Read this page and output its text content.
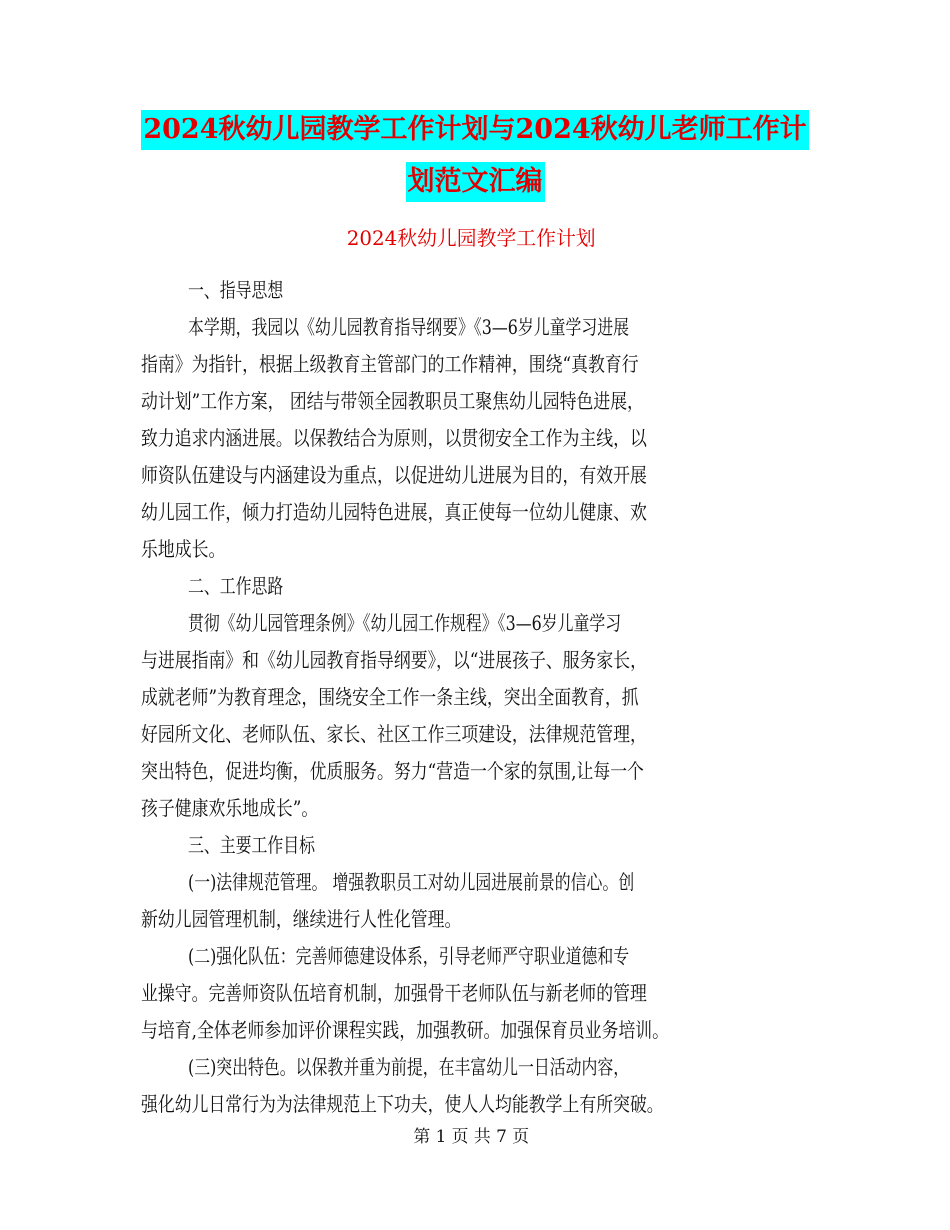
2024秋幼儿园教学工作计划与2024秋幼儿老师工作计
划范文汇编
2024秋幼儿园教学工作计划

一、指导思想

本学期，我园以《幼儿园教育指导纲要》《3—6岁儿童学习进展

指南》为指针，根据上级教育主管部门的工作精神，围绕“真教育行

动计划”工作方案， 团结与带领全园教职员工聚焦幼儿园特色进展，

致力追求内涵进展。以保教结合为原则，以贯彻安全工作为主线，以

师资队伍建设与内涵建设为重点，以促进幼儿进展为目的，有效开展

幼儿园工作，倾力打造幼儿园特色进展，真正使每一位幼儿健康、欢

乐地成长。

二、工作思路

贯彻《幼儿园管理条例》《幼儿园工作规程》《3—6岁儿童学习

与进展指南》和《幼儿园教育指导纲要》，以“进展孩子、服务家长，

成就老师”为教育理念，围绕安全工作一条主线，突出全面教育，抓

好园所文化、老师队伍、家长、社区工作三项建设，法律规范管理，

突出特色，促进均衡，优质服务。努力“营造一个家的氛围,让每一个

孩子健康欢乐地成长”。

三、主要工作目标

(一)法律规范管理。 增强教职员工对幼儿园进展前景的信心。创

新幼儿园管理机制，继续进行人性化管理。

(二)强化队伍：完善师德建设体系，引导老师严守职业道德和专

业操守。完善师资队伍培育机制，加强骨干老师队伍与新老师的管理

与培育,全体老师参加评价课程实践，加强教研。加强保育员业务培训。

(三)突出特色。以保教并重为前提，在丰富幼儿一日活动内容，

强化幼儿日常行为为法律规范上下功夫，使人人均能教学上有所突破。

第 1 页 共 7 页
